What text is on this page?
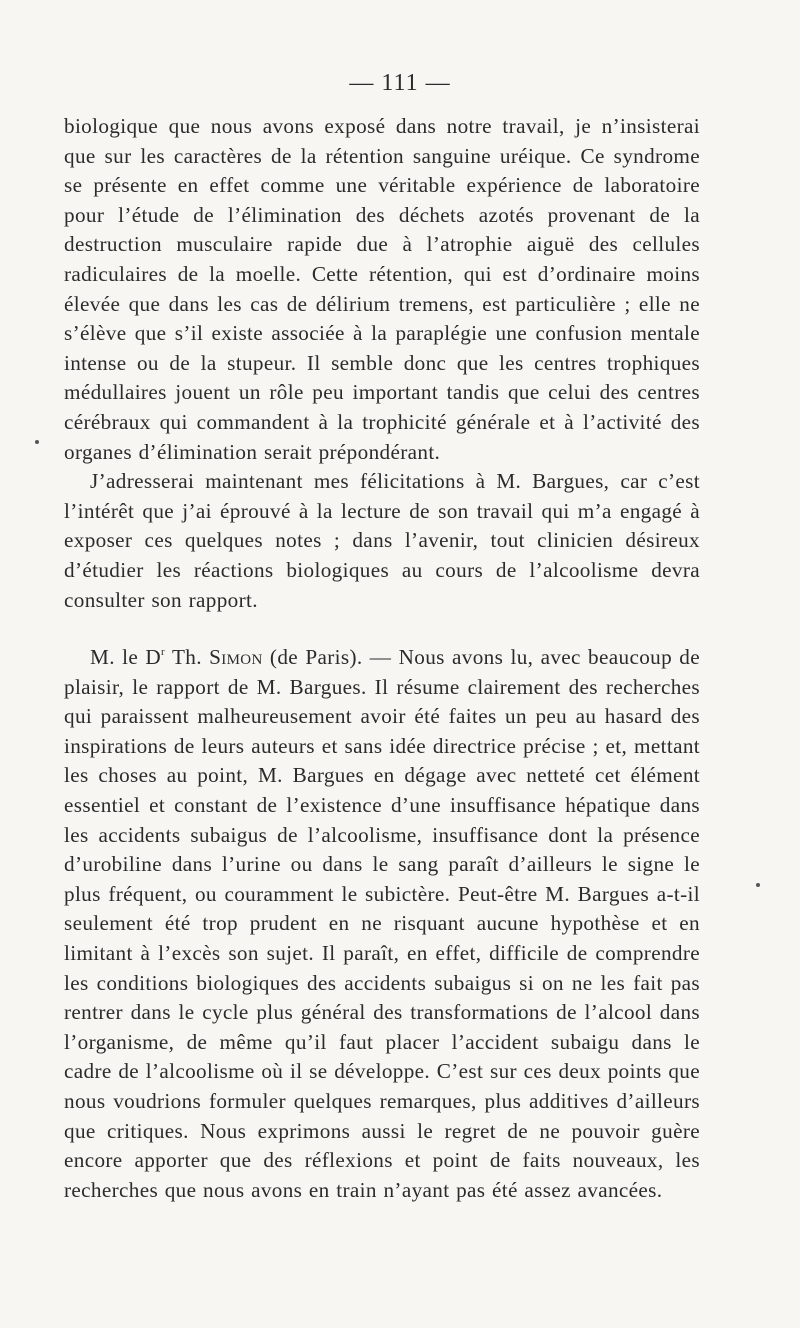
— 111 —

biologique que nous avons exposé dans notre travail, je n’insisterai que sur les caractères de la rétention sanguine uréique. Ce syndrome se présente en effet comme une véritable expérience de laboratoire pour l’étude de l’élimination des déchets azotés provenant de la destruction musculaire rapide due à l’atrophie aiguë des cellules radiculaires de la moelle. Cette rétention, qui est d’ordinaire moins élevée que dans les cas de délirium tremens, est particulière ; elle ne s’élève que s’il existe associée à la paraplégie une confusion mentale intense ou de la stupeur. Il semble donc que les centres trophiques médullaires jouent un rôle peu important tandis que celui des centres cérébraux qui commandent à la trophicité générale et à l’activité des organes d’élimination serait prépondérant.

J’adresserai maintenant mes félicitations à M. Bargues, car c’est l’intérêt que j’ai éprouvé à la lecture de son travail qui m’a engagé à exposer ces quelques notes ; dans l’avenir, tout clinicien désireux d’étudier les réactions biologiques au cours de l’alcoolisme devra consulter son rapport.

M. le $D^r$ Th. Simon (de Paris). — Nous avons lu, avec beaucoup de plaisir, le rapport de M. Bargues. Il résume clairement des recherches qui paraissent malheureusement avoir été faites un peu au hasard des inspirations de leurs auteurs et sans idée directrice précise ; et, mettant les choses au point, M. Bargues en dégage avec netteté cet élément essentiel et constant de l’existence d’une insuffisance hépatique dans les accidents subaigus de l’alcoolisme, insuffisance dont la présence d’urobiline dans l’urine ou dans le sang paraît d’ailleurs le signe le plus fréquent, ou couramment le subictère. Peut-être M. Bargues a-t-il seulement été trop prudent en ne risquant aucune hypothèse et en limitant à l’excès son sujet. Il paraît, en effet, difficile de comprendre les conditions biologiques des accidents subaigus si on ne les fait pas rentrer dans le cycle plus général des transformations de l’alcool dans l’organisme, de même qu’il faut placer l’accident subaigu dans le cadre de l’alcoolisme où il se développe. C’est sur ces deux points que nous voudrions formuler quelques remarques, plus additives d’ailleurs que critiques. Nous exprimons aussi le regret de ne pouvoir guère encore apporter que des réflexions et point de faits nouveaux, les recherches que nous avons en train n’ayant pas été assez avancées.
